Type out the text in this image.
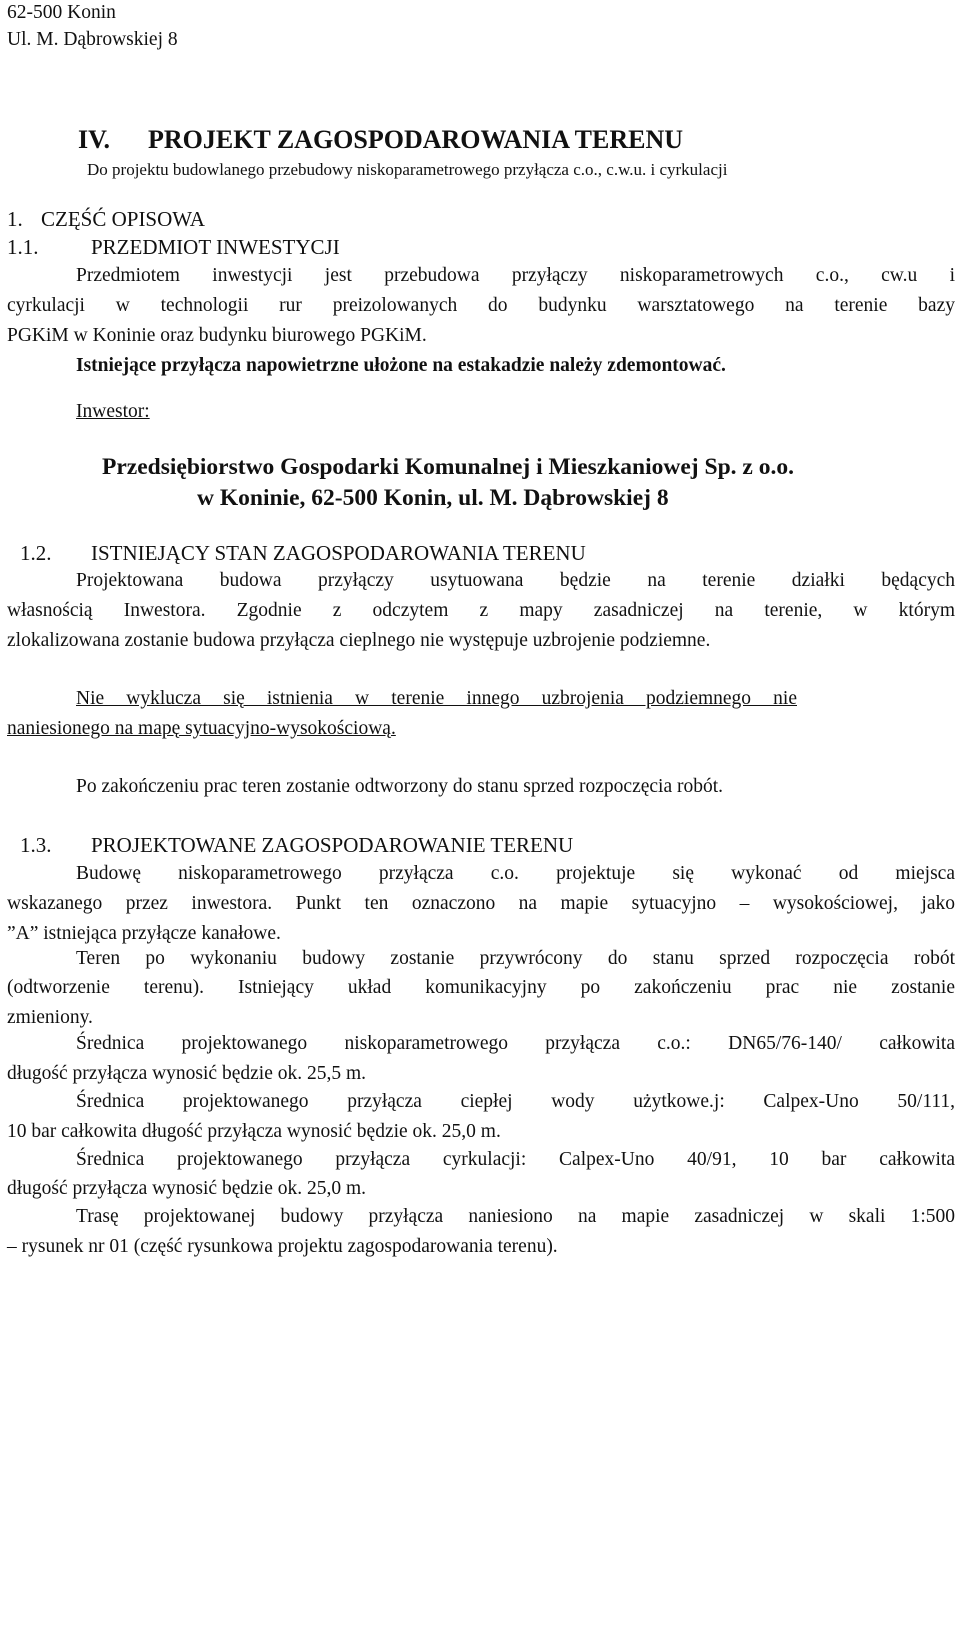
62-500 Konin
Ul. M. Dąbrowskiej 8
IV. PROJEKT ZAGOSPODAROWANIA TERENU
Do projektu budowlanego przebudowy niskoparametrowego przyłącza c.o., c.w.u. i cyrkulacji
1. CZĘŚĆ OPISOWA
1.1.	PRZEDMIOT INWESTYCJI
Przedmiotem inwestycji jest przebudowa przyłączy niskoparametrowych c.o., cw.u i
cyrkulacji w technologii rur preizolowanych do budynku warsztatowego na terenie bazy
PGKiM w Koninie oraz budynku biurowego PGKiM.
Istniejące przyłącza napowietrzne ułożone na estakadzie należy zdemontować.
Inwestor:
Przedsiębiorstwo Gospodarki Komunalnej i Mieszkaniowej Sp. z o.o.
w Koninie, 62-500 Konin, ul. M. Dąbrowskiej 8
1.2. ISTNIEJĄCY STAN ZAGOSPODAROWANIA TERENU
Projektowana budowa przyłączy usytuowana będzie na terenie działki będących
własnością Inwestora. Zgodnie z odczytem z mapy zasadniczej na terenie, w którym
zlokalizowana zostanie budowa przyłącza cieplnego nie występuje uzbrojenie podziemne.
Nie wyklucza się istnienia w terenie innego uzbrojenia podziemnego nie
naniesionego na mapę sytuacyjno-wysokościową.
Po zakończeniu prac teren zostanie odtworzony do stanu sprzed rozpoczęcia robót.
1.3. PROJEKTOWANE ZAGOSPODAROWANIE TERENU
Budowę niskoparametrowego przyłącza c.o. projektuje się wykonać od miejsca
wskazanego przez inwestora. Punkt ten oznaczono na mapie sytuacyjno – wysokościowej, jako
”A” istniejąca przyłącze kanałowe.
Teren po wykonaniu budowy zostanie przywrócony do stanu sprzed rozpoczęcia robót
(odtworzenie terenu). Istniejący układ komunikacyjny po zakończeniu prac nie zostanie
zmieniony.
Średnica projektowanego niskoparametrowego przyłącza c.o.: DN65/76-140/ całkowita
długość przyłącza wynosić będzie ok. 25,5 m.
Średnica projektowanego przyłącza ciepłej wody użytkowe.j: Calpex-Uno 50/111,
10 bar całkowita długość przyłącza wynosić będzie ok. 25,0 m.
Średnica projektowanego przyłącza cyrkulacji: Calpex-Uno 40/91, 10 bar całkowita
długość przyłącza wynosić będzie ok. 25,0 m.
Trasę projektowanej budowy przyłącza naniesiono na mapie zasadniczej w skali 1:500
– rysunek nr 01 (część rysunkowa projektu zagospodarowania terenu).
